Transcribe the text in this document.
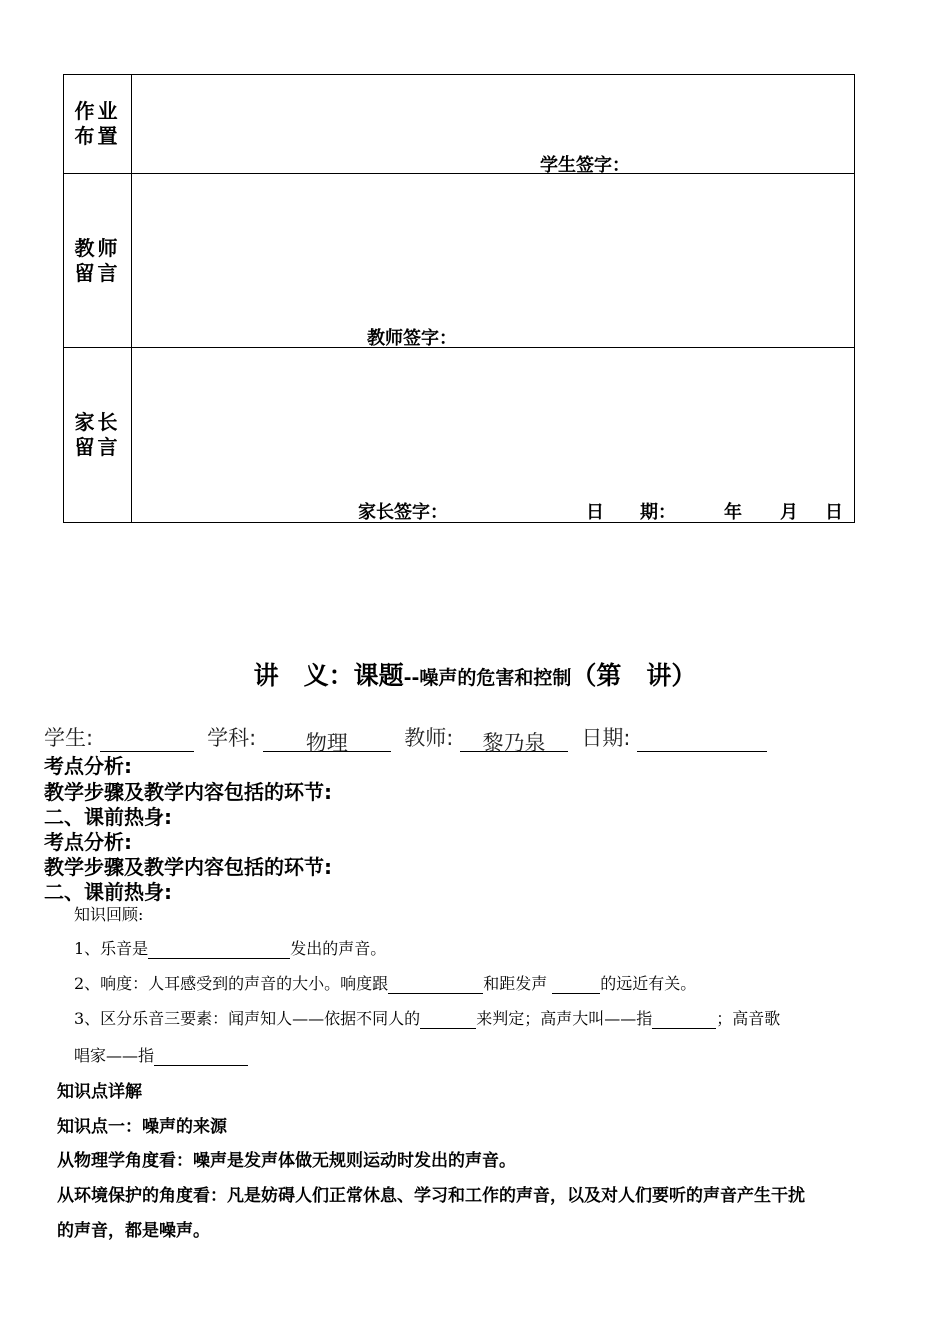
作业布置	学生签字：

教师留言	教师签字：

家长留言	家长签字： 日　　期： 年 月 日
讲　义：课题--噪声的危害和控制（第　讲）
学生:	学科: 物理	教师: 黎乃泉 日期:
考点分析:
教学步骤及教学内容包括的环节:
二、课前热身:
考点分析:
教学步骤及教学内容包括的环节:
二、课前热身:
知识回顾:
1、乐音是	发出的声音。
2、响度：人耳感受到的声音的大小。响度跟	和距发声	的远近有关。
3、区分乐音三要素：闻声知人——依据不同人的	来判定；高声大叫——指	；高音歌
唱家——指
知识点详解
知识点一：噪声的来源
从物理学角度看：噪声是发声体做无规则运动时发出的声音。
从环境保护的角度看：凡是妨碍人们正常休息、学习和工作的声音，以及对人们要听的声音产生干扰
的声音，都是噪声。
